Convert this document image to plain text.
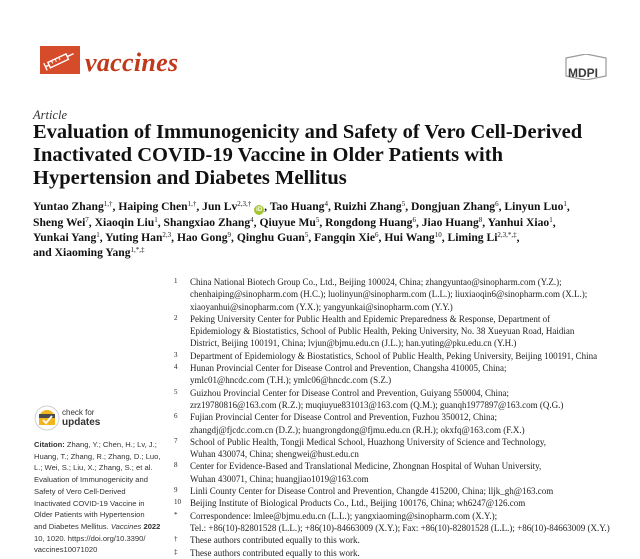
vaccines	MDPI
Article
Evaluation of Immunogenicity and Safety of Vero Cell-Derived
Inactivated COVID-19 Vaccine in Older Patients with
Hypertension and Diabetes Mellitus
Yuntao Zhang$^{1,\dagger}$, Haiping Chen$^{1,\dagger}$, Jun $Lv^{2,3,\dagger}$ iD , Tao Huang$^4$, Ruizhi Zhang$^5$, Dongjuan Zhang$^6$, Linyun Luo$^1$,
Sheng Wei$^7$, Xiaoqin Liu$^1$, Shangxiao Zhang$^4$, Qiuyue Mu$^5$, Rongdong Huang$^6$, Jiao Huang$^8$, Yanhui Xiao$^1$,
Yunkai Yang$^1$, Yuting Han$^{2,3}$, Hao Gong$^9$, Qinghu Guan$^5$, Fangqin Xie$^6$, Hui Wang$^{10}$, Liming $Li^{2,3,*,\ddagger}$,
and Xiaoming Yang$^{1,*,\ddagger}$
1 China National Biotech Group Co., Ltd., Beijing 100024, China; zhangyuntao@sinopharm.com (Y.Z.);
chenhaiping@sinopharm.com (H.C.); luolinyun@sinopharm.com (L.L.); liuxiaoqin6@sinopharm.com (X.L.);
xiaoyanhui@sinopharm.com (Y.X.); yangyunkai@sinopharm.com (Y.Y.)
2 Peking University Center for Public Health and Epidemic Preparedness & Response, Department of
Epidemiology & Biostatistics, School of Public Health, Peking University, No. 38 Xueyuan Road, Haidian
District, Beijing 100191, China; lvjun@bjmu.edu.cn (J.L.); han.yuting@pku.edu.cn (Y.H.)
3 Department of Epidemiology & Biostatistics, School of Public Health, Peking University, Beijing 100191, China
4 Hunan Provincial Center for Disease Control and Prevention, Changsha 410005, China;
ymlc01@hncdc.com (T.H.); ymlc06@hncdc.com (S.Z.)
5 Guizhou Provincial Center for Disease Control and Prevention, Guiyang 550004, China;
zrz19780816@163.com (R.Z.); muqiuyue831013@163.com (Q.M.); guanqh1977897@163.com (Q.G.)
6 Fujian Provincial Center for Disease Control and Prevention, Fuzhou 350012, China;
zhangdj@fjcdc.com.cn (D.Z.); huangrongdong@fjmu.edu.cn (R.H.); okxfq@163.com (F.X.)
7 School of Public Health, Tongji Medical School, Huazhong University of Science and Technology,
Wuhan 430074, China; shengwei@hust.edu.cn
8 Center for Evidence-Based and Translational Medicine, Zhongnan Hospital of Wuhan University,
Wuhan 430071, China; huangjiao1019@163.com
9 Linli County Center for Disease Control and Prevention, Changde 415200, China; lljk_gh@163.com
10 Beijing Institute of Biological Products Co., Ltd., Beijing 100176, China; wh6247@126.com
* Correspondence: lmlee@bjmu.edu.cn (L.L.); yangxiaoming@sinopharm.com (X.Y.);
Tel.: +86(10)-82801528 (L.L.); +86(10)-84663009 (X.Y.); Fax: +86(10)-82801528 (L.L.); +86(10)-84663009 (X.Y.)
† These authors contributed equally to this work.
‡ These authors contributed equally to this work.
check for
updates
Citation: Zhang, Y.; Chen, H.; Lv, J.;
Huang, T.; Zhang, R.; Zhang, D.; Luo,
L.; Wei, S.; Liu, X.; Zhang, S.; et al.
Evaluation of Immunogenicity and
Safety of Vero Cell-Derived
Inactivated COVID-19 Vaccine in
Older Patients with Hypertension
and Diabetes Mellitus. Vaccines 2022
10, 1020. https://doi.org/10.3390/
vaccines10071020
